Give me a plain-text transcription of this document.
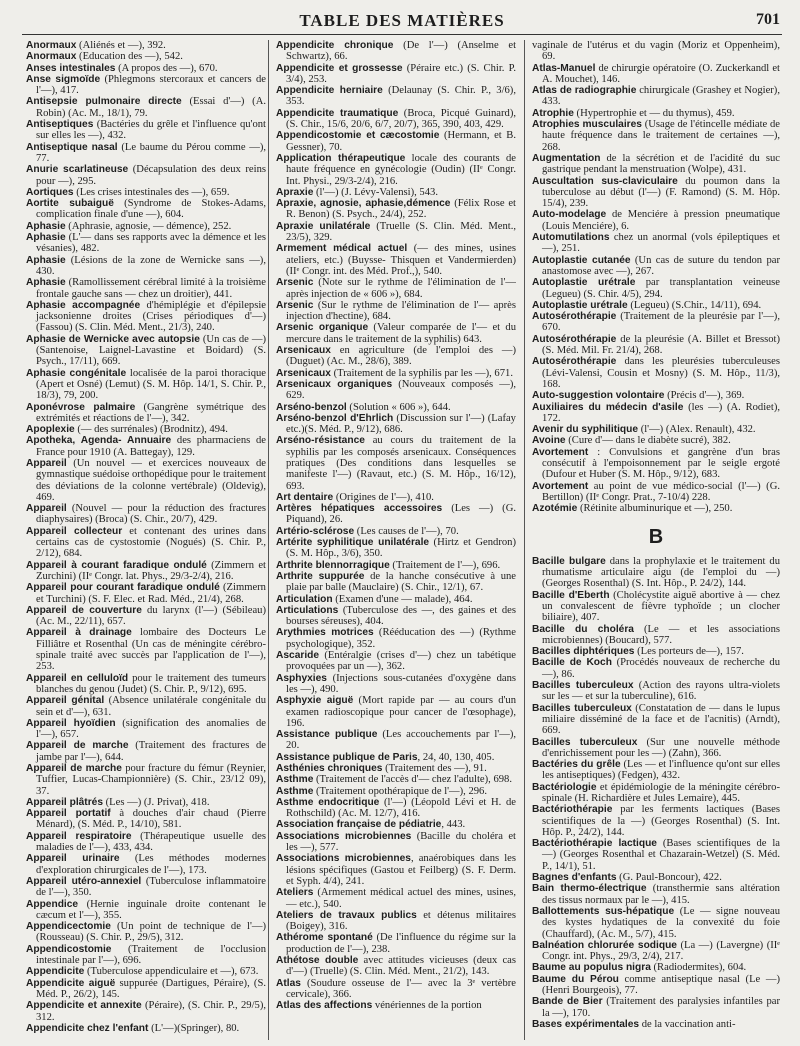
TABLE DES MATIÈRES	701

Anormaux (Aliénés et —), 392.

Anormaux (Education des —), 542.

Anses intestinales (A propos des —), 670.

Anse sigmoïde (Phlegmons stercoraux et cancers de l'—), 417.

Antisepsie pulmonaire directe (Essai d'—) (A. Robin) (Ac. M., 18/1), 79.

Antiseptiques (Bactéries du grêle et l'influence qu'ont sur elles les —), 432.

Antiseptique nasal (Le baume du Pérou comme —), 77.

Anurie scarlatineuse (Décapsulation des deux reins pour —), 295.

Aortiques (Les crises intestinales des —), 659.

Aortite subaiguë (Syndrome de Stokes-Adams, complication finale d'une —), 604.

Aphasie (Aphrasie, agnosie, — démence), 252.

Aphasie (L'— dans ses rapports avec la démence et les vésanies), 482.

Aphasie (Lésions de la zone de Wernicke sans —), 430.

Aphasie (Ramollissement cérébral limité à la troisième frontale gauche sans — chez un droitier), 441.

Aphasie accompagnée d'hémiplégie et d'épilepsie jacksonienne droites (Crises périodiques d'—) (Fassou) (S. Clin. Méd. Ment., 21/3), 240.

Aphasie de Wernicke avec autopsie (Un cas de —) (Santenoise, Laignel-Lavastine et Boidard) (S. Psych., 17/11), 669.

Aphasie congénitale localisée de la paroi thoracique (Apert et Osné) (Lemut) (S. M. Hôp. 14/1, S. Chir. P., 18/3), 79, 200.

Aponévrose palmaire (Gangrène symétrique des extrémités et réactions de l'—), 342.

Apoplexie (— des surrénales) (Brodnitz), 494.

Apotheka, Agenda- Annuaire des pharmaciens de France pour 1910 (A. Battegay), 129.

Appareil (Un nouvel — et exercices nouveaux de gymnastique suédoise orthopédique pour le traitement des déviations de la colonne vertébrale) (Oldevig), 469.

Appareil (Nouvel — pour la réduction des fractures diaphysaires) (Broca) (S. Chir., 20/7), 429.

Appareil collecteur et contenant des urines dans certains cas de cystostomie (Nogués) (S. Chir. P., 2/12), 684.

Appareil à courant faradique ondulé (Zimmern et Zurchini) (IIᵉ Congr. lat. Phys., 29/3-2/4), 216.

Appareil pour courant faradique ondulé (Zimmern et Turchini) (S. F. Elec. et Rad. Méd., 21/4), 268.

Appareil de couverture du larynx (l'—) (Sébileau) (Ac. M., 22/11), 657.

Appareil à drainage lombaire des Docteurs Le Filliâtre et Rosenthal (Un cas de méningite cérébro-spinale traité avec succès par l'application de l'—), 253.

Appareil en celluloïd pour le traitement des tumeurs blanches du genou (Judet) (S. Chir. P., 9/12), 695.

Appareil génital (Absence unilatérale congénitale du sein et d'—), 631.

Appareil hyoïdien (signification des anomalies de l'—), 657.

Appareil de marche (Traitement des fractures de jambe par l'—), 644.

Appareil de marche pour fracture du fémur (Reynier, Tuffier, Lucas-Championnière) (S. Chir., 23/12 09), 37.

Appareil plâtrés (Les —) (J. Privat), 418.

Appareil portatif à douches d'air chaud (Pierre Ménard), (S. Méd. P., 14/10), 581.

Appareil respiratoire (Thérapeutique usuelle des maladies de l'—), 433, 434.

Appareil urinaire (Les méthodes modernes d'exploration chirurgicales de l'—), 173.

Appareil utéro-annexiel (Tuberculose inflammatoire de l'—), 350.

Appendice (Hernie inguinale droite contenant le cæcum et l'—), 355.

Appendicectomie (Un point de technique de l'—) (Rousseau) (S. Chir. P., 29/5), 312.

Appendicostomie (Traitement de l'occlusion intestinale par l'—), 696.

Appendicite (Tuberculose appendiculaire et —), 673.

Appendicite aiguë suppurée (Dartigues, Péraire), (S. Méd. P., 26/2), 145.

Appendicite et annexite (Péraire), (S. Chir. P., 29/5), 312.

Appendicite chez l'enfant (L'—)(Springer), 80.

Appendicite chronique (De l'—) (Anselme et Schwartz), 66.

Appendicite et grossesse (Péraire etc.) (S. Chir. P. 3/4), 253.

Appendicite herniaire (Delaunay (S. Chir. P., 3/6), 353.

Appendicite traumatique (Broca, Picqué Guinard), (S. Chir., 15/6, 20/6, 6/7, 20/7), 365, 390, 403, 429.

Appendicostomie et cæcostomie (Hermann, et B. Gessner), 70.

Application thérapeutique locale des courants de haute fréquence en gynécologie (Oudin) (IIᵉ Congr. Int. Physi., 29/3-2/4), 216.

Apraxie (l'—) (J. Lévy-Valensi), 543.

Apraxie, agnosie, aphasie,démence (Félix Rose et R. Benon) (S. Psych., 24/4), 252.

Apraxie unilatérale (Truelle (S. Clin. Méd. Ment., 23/5), 329.

Armement médical actuel (— des mines, usines ateliers, etc.) (Buysse- Thisquen et Vandermierden) (IIᵉ Congr. int. des Méd. Prof.,), 540.

Arsenic (Note sur le rythme de l'élimination de l'— après injection de « 606 »), 684.

Arsenic (Sur le rythme de l'élimination de l'— après injection d'hectine), 684.

Arsenic organique (Valeur comparée de l'— et du mercure dans le traitement de la syphilis) 643.

Arsenicaux en agriculture (de l'emploi des —) (Duguet) (Ac. M., 28/6), 389.

Arsenicaux (Traitement de la syphilis par les —), 671.

Arsenicaux organiques (Nouveaux composés —), 629.

Arséno-benzol (Solution « 606 »), 644.

Arséno-benzol d'Ehrlich (Discussion sur l'—) (Lafay etc.)(S. Méd. P., 9/12), 686.

Arséno-résistance au cours du traitement de la syphilis par les composés arsenicaux. Conséquences pratiques (Des conditions dans lesquelles se manifeste l'—) (Ravaut, etc.) (S. M. Hôp., 16/12), 693.

Art dentaire (Origines de l'—), 410.

Artères hépatiques accessoires (Les —) (G. Piquand), 26.

Artério-sclérose (Les causes de l'—), 70.

Artérite syphilitique unilatérale (Hirtz et Gendron) (S. M. Hôp., 3/6), 350.

Arthrite blennorragique (Traitement de l'—), 696.

Arthrite suppurée de la hanche consécutive à une plaie par balle (Mauclaire) (S. Chir., 12/1), 67.

Articulation (Examen d'une — malade), 464.

Articulations (Tuberculose des —, des gaines et des bourses séreuses), 404.

Arythmies motrices (Rééducation des —) (Rythme psychologique), 352.

Ascaride (Entéralgie (crises d'—) chez un tabétique provoquées par un —), 362.

Asphyxies (Injections sous-cutanées d'oxygène dans les —), 490.

Asphyxie aiguë (Mort rapide par — au cours d'un examen radioscopique pour cancer de l'œsophage), 196.

Assistance publique (Les accouchements par l'—), 20.

Assistance publique de Paris, 24, 40, 130, 405.

Asthénies chroniques (Traitement des —), 91.

Asthme (Traitement de l'accès d'— chez l'adulte), 698.

Asthme (Traitement opothérapique de l'—), 296.

Asthme endocritique (l'—) (Léopold Lévi et H. de Rothschild) (Ac. M. 12/7), 416.

Association française de pédiatrie, 443.

Associations microbiennes (Bacille du choléra et les —), 577.

Associations microbiennes, anaérobiques dans les lésions spécifiques (Gastou et Feilberg) (S. F. Derm. et Syph. 4/4), 241.

Ateliers (Armement médical actuel des mines, usines, — etc.), 540.

Ateliers de travaux publics et détenus militaires (Boigey), 316.

Athérome spontané (De l'influence du régime sur la production de l'—), 238.

Athétose double avec attitudes vicieuses (deux cas d'—) (Truelle) (S. Clin. Méd. Ment., 21/2), 143.

Atlas (Soudure osseuse de l'— avec la 3ᵉ vertèbre cervicale), 366.

Atlas des affections vénériennes de la portion

vaginale de l'utérus et du vagin (Moriz et Oppenheim), 69.

Atlas-Manuel de chirurgie opératoire (O. Zuckerkandl et A. Mouchet), 146.

Atlas de radiographie chirurgicale (Grashey et Nogier), 433.

Atrophie (Hypertrophie et — du thymus), 459.

Atrophies musculaires (Usage de l'étincelle médiate de haute fréquence dans le traitement de certaines —), 268.

Augmentation de la sécrétion et de l'acidité du suc gastrique pendant la menstruation (Wolpe), 431.

Auscultation sus-claviculaire du poumon dans la tuberculose au début (l'—) (F. Ramond) (S. M. Hôp. 15/4), 239.

Auto-modelage de Menciére à pression pneumatique (Louis Menciére), 6.

Automutilations chez un anormal (vols épileptiques et —), 251.

Autoplastie cutanée (Un cas de suture du tendon par anastomose avec —), 267.

Autoplastie urétrale par transplantation veineuse (Legueu) (S. Chir. 4/5), 294.

Autoplastie urétrale (Legueu) (S.Chir., 14/11), 694.

Autosérothérapie (Traitement de la pleurésie par l'—), 670.

Autosérothérapie de la pleurésie (A. Billet et Bressot) (S. Méd. Mil. Fr. 21/4), 268.

Autosérothérapie dans les pleurésies tuberculeuses (Lévi-Valensi, Cousin et Mosny) (S. M. Hôp., 11/3), 168.

Auto-suggestion volontaire (Précis d'—), 369.

Auxiliaires du médecin d'asile (les —) (A. Rodiet), 172.

Avenir du syphilitique (l'—) (Alex. Renault), 432.

Avoine (Cure d'— dans le diabète sucré), 382.

Avortement : Convulsions et gangrène d'un bras consécutif à l'empoisonnement par le seigle ergoté (Dufour et Huber (S. M. Hôp., 9/12), 683.

Avortement au point de vue médico-social (l'—) (G. Bertillon) (IIᵉ Congr. Prat., 7-10/4) 228.

Azotémie (Rétinite albuminurique et —), 250.

B

Bacille bulgare dans la prophylaxie et le traitement du rhumatisme articulaire aigu (de l'emploi du —) (Georges Rosenthal) (S. Int. Hôp., P. 24/2), 144.

Bacille d'Eberth (Cholécystite aiguë abortive à — chez un convalescent de fièvre typhoïde ; un clocher biliaire), 407.

Bacille du choléra (Le — et les associations microbiennes) (Boucard), 577.

Bacilles diphtériques (Les porteurs de—), 157.

Bacille de Koch (Procédés nouveaux de recherche du —), 86.

Bacilles tuberculeux (Action des rayons ultra-violets sur les — et sur la tuberculine), 616.

Bacilles tuberculeux (Constatation de — dans le lupus miliaire disséminé de la face et de l'acnitis) (Arndt), 669.

Bacilles tuberculeux (Sur une nouvelle méthode d'enrichissement pour les —) (Zahn), 366.

Bactéries du grêle (Les — et l'influence qu'ont sur elles les antiseptiques) (Fedgen), 432.

Bactériologie et épidémiologie de la méningite cérébro-spinale (H. Richardière et Jules Lemaire), 445.

Bactériothérapie par les ferments lactiques (Bases scientifiques de la —) (Georges Rosenthal) (S. Int. Hôp. P., 24/2), 144.

Bactériothérapie lactique (Bases scientifiques de la —) (Georges Rosenthal et Chazarain-Wetzel) (S. Méd. P., 14/1), 51.

Bagnes d'enfants (G. Paul-Boncour), 422.

Bain thermo-électrique (transthermie sans altération des tissus normaux par le —), 415.

Ballottements sus-hépatique (Le — signe nouveau des kystes hydatiques de la convexité du foie (Chauffard), (Ac. M., 5/7), 415.

Balnéation chlorurée sodique (La —) (Lavergne) (IIᵉ Congr. int. Phys., 29/3, 2/4), 217.

Baume au populus nigra (Radiodermites), 604.

Baume du Pérou comme antiseptique nasal (Le —) (Henri Bourgeois), 77.

Bande de Bier (Traitement des paralysies infantiles par la —), 170.

Bases expérimentales de la vaccination anti-
